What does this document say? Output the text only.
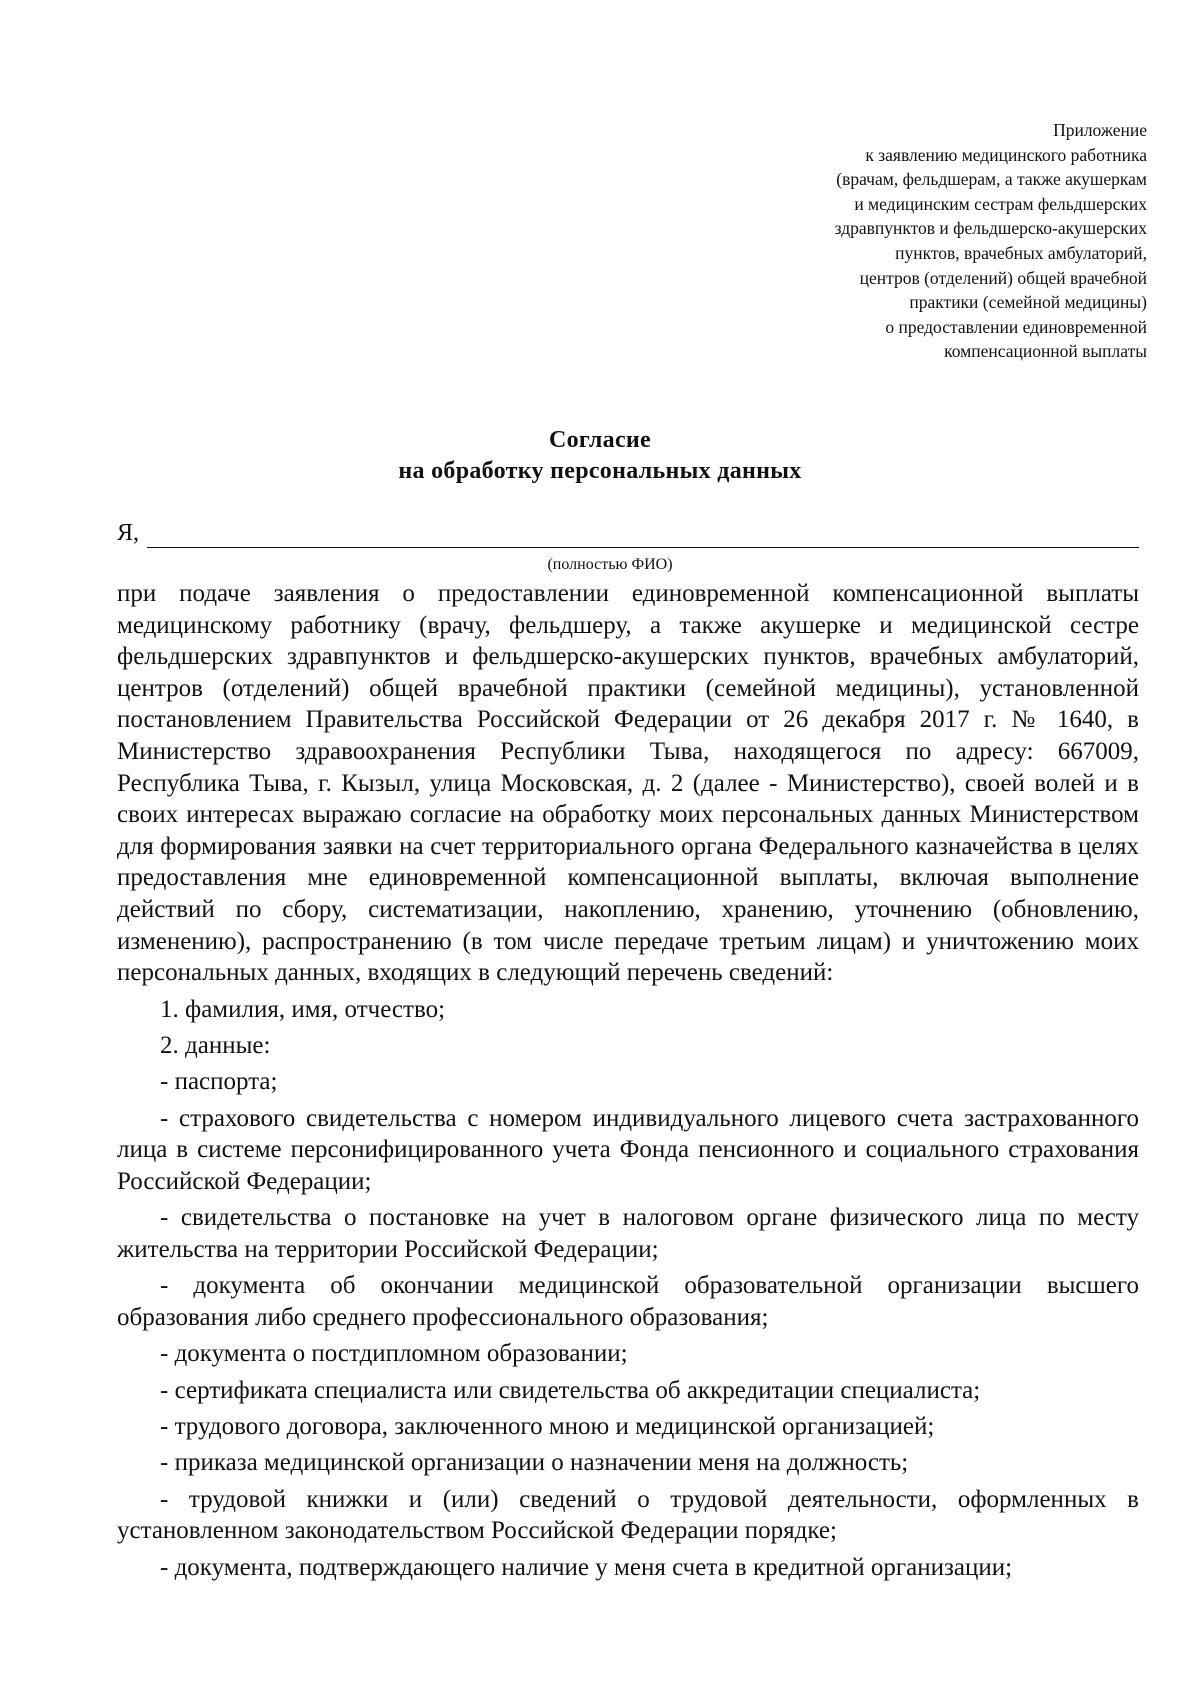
Приложение
к заявлению медицинского работника
(врачам, фельдшерам, а также акушеркам
и медицинским сестрам фельдшерских
здравпунктов и фельдшерско-акушерских
пунктов, врачебных амбулаторий,
центров (отделений) общей врачебной
практики (семейной медицины)
о предоставлении единовременной
компенсационной выплаты
Согласие
на обработку персональных данных
Я,
(полностью ФИО)

при подаче заявления о предоставлении единовременной компенсационной выплаты медицинскому работнику (врачу, фельдшеру, а также акушерке и медицинской сестре фельдшерских здравпунктов и фельдшерско-акушерских пунктов, врачебных амбулаторий, центров (отделений) общей врачебной практики (семейной медицины), установленной постановлением Правительства Российской Федерации от 26 декабря 2017 г. № 1640, в Министерство здравоохранения Республики Тыва, находящегося по адресу: 667009, Республика Тыва, г. Кызыл, улица Московская, д. 2 (далее - Министерство), своей волей и в своих интересах выражаю согласие на обработку моих персональных данных Министерством для формирования заявки на счет территориального органа Федерального казначейства в целях предоставления мне единовременной компенсационной выплаты, включая выполнение действий по сбору, систематизации, накоплению, хранению, уточнению (обновлению, изменению), распространению (в том числе передаче третьим лицам) и уничтожению моих персональных данных, входящих в следующий перечень сведений:

1. фамилия, имя, отчество;

2. данные:

- паспорта;

- страхового свидетельства с номером индивидуального лицевого счета застрахованного лица в системе персонифицированного учета Фонда пенсионного и социального страхования Российской Федерации;

- свидетельства о постановке на учет в налоговом органе физического лица по месту жительства на территории Российской Федерации;

- документа об окончании медицинской образовательной организации высшего образования либо среднего профессионального образования;

- документа о постдипломном образовании;

- сертификата специалиста или свидетельства об аккредитации специалиста;

- трудового договора, заключенного мною и медицинской организацией;

- приказа медицинской организации о назначении меня на должность;

- трудовой книжки и (или) сведений о трудовой деятельности, оформленных в установленном законодательством Российской Федерации порядке;

- документа, подтверждающего наличие у меня счета в кредитной организации;
